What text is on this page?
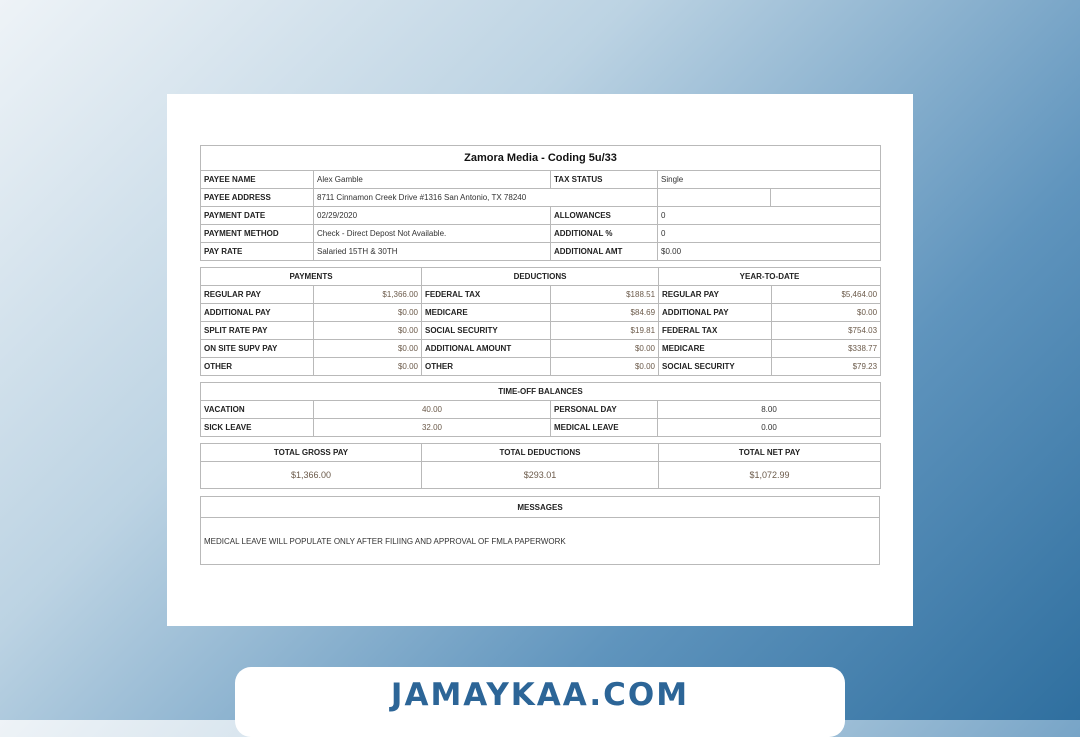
Zamora Media - Coding 5u/33				
PAYEE NAME	Alex Gamble	TAX STATUS	Single	
PAYEE ADDRESS	8711 Cinnamon Creek Drive #1316 San Antonio, TX 78240			
PAYMENT DATE	02/29/2020	ALLOWANCES	0	
PAYMENT METHOD	Check - Direct Depost Not Available.	ADDITIONAL %	0	
PAY RATE	Salaried 15TH & 30TH	ADDITIONAL AMT	$0.00	
PAYMENTS		DEDUCTIONS		YEAR-TO-DATE	
REGULAR PAY	$1,366.00	FEDERAL TAX	$188.51	REGULAR PAY	$5,464.00
ADDITIONAL PAY	$0.00	MEDICARE	$84.69	ADDITIONAL PAY	$0.00
SPLIT RATE PAY	$0.00	SOCIAL SECURITY	$19.81	FEDERAL TAX	$754.03
ON SITE SUPV PAY	$0.00	ADDITIONAL AMOUNT	$0.00	MEDICARE	$338.77
OTHER	$0.00	OTHER	$0.00	SOCIAL SECURITY	$79.23
TIME-OFF BALANCES			
VACATION	40.00	PERSONAL DAY	8.00
SICK LEAVE	32.00	MEDICAL LEAVE	0.00
TOTAL GROSS PAY	TOTAL DEDUCTIONS	TOTAL NET PAY
$1,366.00	$293.01	$1,072.99
MESSAGES
MEDICAL LEAVE WILL POPULATE ONLY AFTER FILIING AND APPROVAL OF FMLA PAPERWORK
JAMAYKAA.COM
